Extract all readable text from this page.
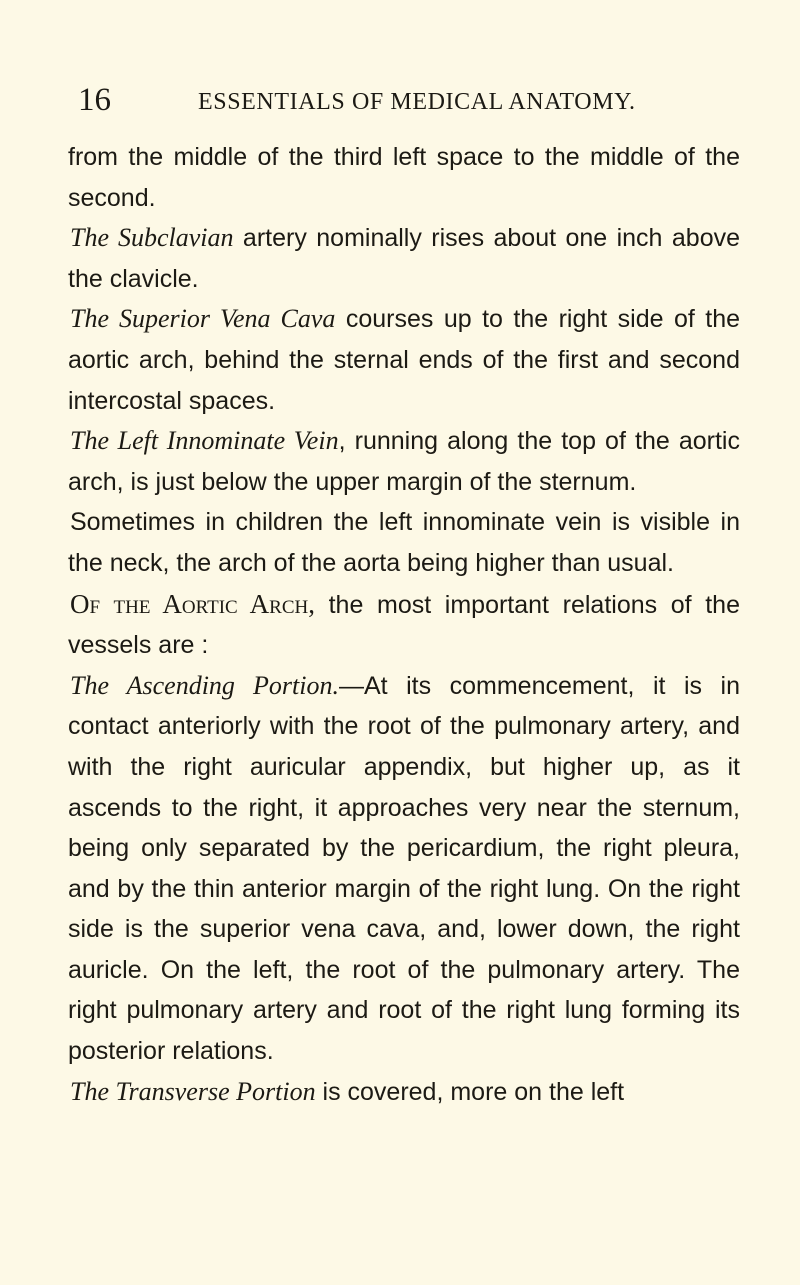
16	ESSENTIALS OF MEDICAL ANATOMY.

from the middle of the third left space to the middle of the second.

The Subclavian artery nominally rises about one inch above the clavicle.

The Superior Vena Cava courses up to the right side of the aortic arch, behind the sternal ends of the first and second intercostal spaces.

The Left Innominate Vein, running along the top of the aortic arch, is just below the upper margin of the sternum.

Sometimes in children the left innominate vein is visible in the neck, the arch of the aorta being higher than usual.

Of the Aortic Arch, the most important relations of the vessels are :

The Ascending Portion.—At its commencement, it is in contact anteriorly with the root of the pulmonary artery, and with the right auricular appendix, but higher up, as it ascends to the right, it approaches very near the sternum, being only separated by the pericardium, the right pleura, and by the thin anterior margin of the right lung. On the right side is the superior vena cava, and, lower down, the right auricle. On the left, the root of the pulmonary artery. The right pulmonary artery and root of the right lung forming its posterior relations.

The Transverse Portion is covered, more on the left
